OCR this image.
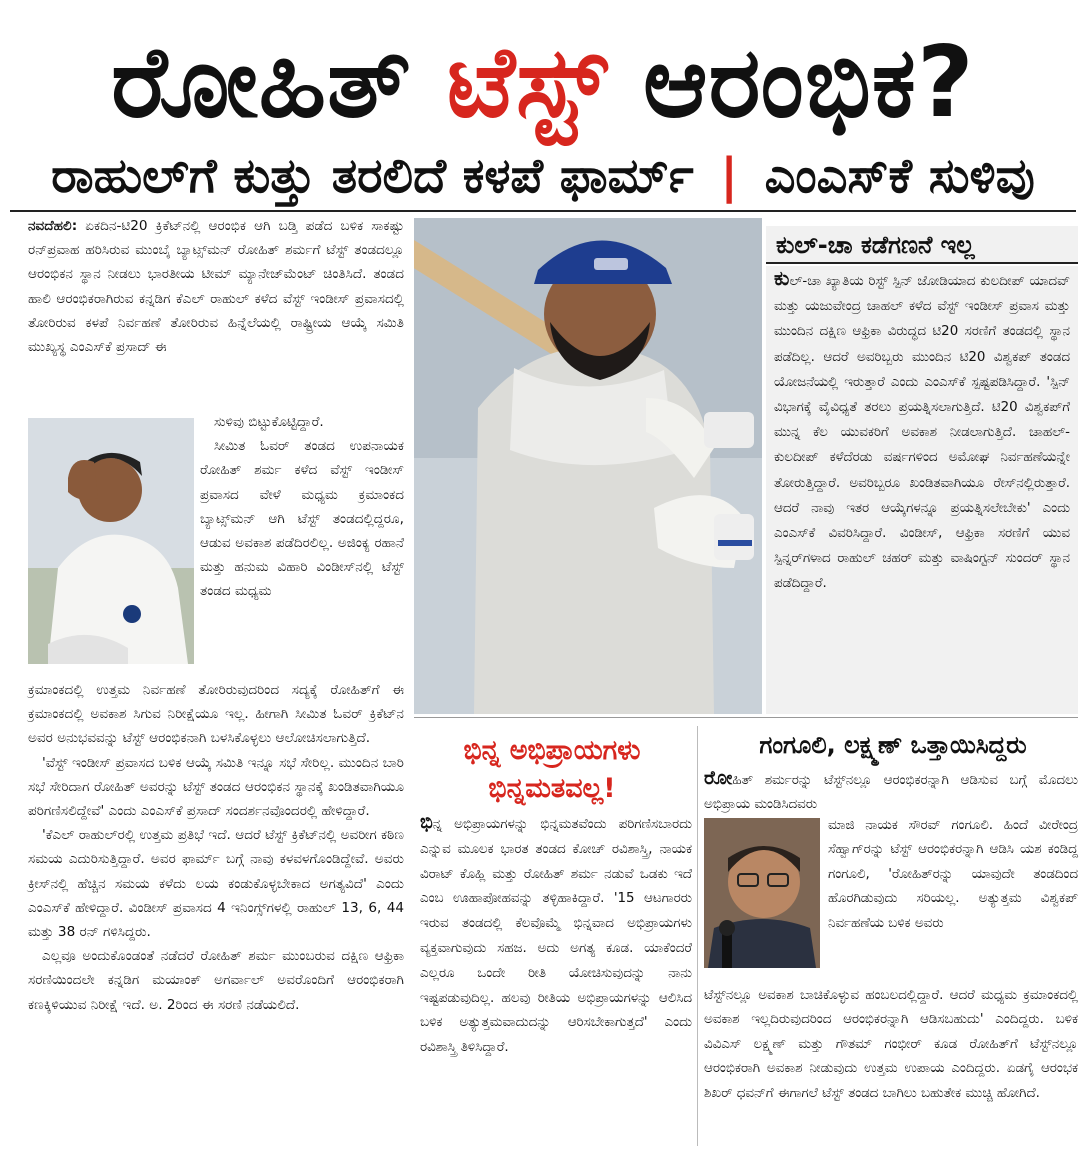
ರೋಹಿತ್ ಟೆಸ್ಟ್ ಆರಂಭಿಕ?
ರಾಹುಲ್‌ಗೆ ಕುತ್ತು ತರಲಿದೆ ಕಳಪೆ ಫಾರ್ಮ್ | ಎಂಎಸ್‌ಕೆ ಸುಳಿವು

ನವದೆಹಲಿ: ಏಕದಿನ-ಟಿ20 ಕ್ರಿಕೆಟ್‌ನಲ್ಲಿ ಆರಂಭಿಕ ಆಗಿ ಬಡ್ತಿ ಪಡೆದ ಬಳಿಕ ಸಾಕಷ್ಟು ರನ್‌ಪ್ರವಾಹ ಹರಿಸಿರುವ ಮುಂಬೈ ಬ್ಯಾಟ್ಸ್‌ಮನ್ ರೋಹಿತ್ ಶರ್ಮಗೆ ಟೆಸ್ಟ್ ತಂಡದಲ್ಲೂ ಆರಂಭಿಕನ ಸ್ಥಾನ ನೀಡಲು ಭಾರತೀಯ ಟೀಮ್ ಮ್ಯಾನೇಜ್‌ಮೆಂಟ್ ಚಿಂತಿಸಿದೆ. ತಂಡದ ಹಾಲಿ ಆರಂಭಿಕರಾಗಿರುವ ಕನ್ನಡಿಗ ಕೆಎಲ್ ರಾಹುಲ್ ಕಳೆದ ವೆಸ್ಟ್ ಇಂಡೀಸ್ ಪ್ರವಾಸದಲ್ಲಿ ತೋರಿರುವ ಕಳಪೆ ನಿರ್ವಹಣೆ ತೋರಿರುವ ಹಿನ್ನೆಲೆಯಲ್ಲಿ ರಾಷ್ಟ್ರೀಯ ಆಯ್ಕೆ ಸಮಿತಿ ಮುಖ್ಯಸ್ಥ ಎಂಎಸ್‌ಕೆ ಪ್ರಸಾದ್ ಈ

ಸುಳಿವು ಬಿಟ್ಟುಕೊಟ್ಟಿದ್ದಾರೆ.

ಸೀಮಿತ ಓವರ್ ತಂಡದ ಉಪನಾಯಕ ರೋಹಿತ್ ಶರ್ಮ ಕಳೆದ ವೆಸ್ಟ್ ಇಂಡೀಸ್ ಪ್ರವಾಸದ ವೇಳೆ ಮಧ್ಯಮ ಕ್ರಮಾಂಕದ ಬ್ಯಾಟ್ಸ್‌ಮನ್ ಆಗಿ ಟೆಸ್ಟ್ ತಂಡದಲ್ಲಿದ್ದರೂ, ಆಡುವ ಅವಕಾಶ ಪಡೆದಿರಲಿಲ್ಲ. ಅಜಿಂಕ್ಯ ರಹಾನೆ ಮತ್ತು ಹನುಮ ವಿಹಾರಿ ವಿಂಡೀಸ್‌ನಲ್ಲಿ ಟೆಸ್ಟ್ ತಂಡದ ಮಧ್ಯಮ

ಕ್ರಮಾಂಕದಲ್ಲಿ ಉತ್ತಮ ನಿರ್ವಹಣೆ ತೋರಿರುವುದರಿಂದ ಸದ್ಯಕ್ಕೆ ರೋಹಿತ್‌ಗೆ ಈ ಕ್ರಮಾಂಕದಲ್ಲಿ ಅವಕಾಶ ಸಿಗುವ ನಿರೀಕ್ಷೆಯೂ ಇಲ್ಲ. ಹೀಗಾಗಿ ಸೀಮಿತ ಓವರ್ ಕ್ರಿಕೆಟ್‌ನ ಅವರ ಅನುಭವವನ್ನು ಟೆಸ್ಟ್ ಆರಂಭಿಕನಾಗಿ ಬಳಸಿಕೊಳ್ಳಲು ಆಲೋಚಿಸಲಾಗುತ್ತಿದೆ.

'ವೆಸ್ಟ್ ಇಂಡೀಸ್ ಪ್ರವಾಸದ ಬಳಿಕ ಆಯ್ಕೆ ಸಮಿತಿ ಇನ್ನೂ ಸಭೆ ಸೇರಿಲ್ಲ. ಮುಂದಿನ ಬಾರಿ ಸಭೆ ಸೇರಿದಾಗ ರೋಹಿತ್ ಅವರನ್ನು ಟೆಸ್ಟ್ ತಂಡದ ಆರಂಭಿಕನ ಸ್ಥಾನಕ್ಕೆ ಖಂಡಿತವಾಗಿಯೂ ಪರಿಗಣಿಸಲಿದ್ದೇವೆ' ಎಂದು ಎಂಎಸ್‌ಕೆ ಪ್ರಸಾದ್ ಸಂದರ್ಶನವೊಂದರಲ್ಲಿ ಹೇಳಿದ್ದಾರೆ.

'ಕೆಎಲ್ ರಾಹುಲ್‌ರಲ್ಲಿ ಉತ್ತಮ ಪ್ರತಿಭೆ ಇದೆ. ಆದರೆ ಟೆಸ್ಟ್ ಕ್ರಿಕೆಟ್‌ನಲ್ಲಿ ಅವರೀಗ ಕಠಿಣ ಸಮಯ ಎದುರಿಸುತ್ತಿದ್ದಾರೆ. ಅವರ ಫಾರ್ಮ್ ಬಗ್ಗೆ ನಾವು ಕಳವಳಗೊಂಡಿದ್ದೇವೆ. ಅವರು ಕ್ರೀಸ್‌ನಲ್ಲಿ ಹೆಚ್ಚಿನ ಸಮಯ ಕಳೆದು ಲಯ ಕಂಡುಕೊಳ್ಳಬೇಕಾದ ಅಗತ್ಯವಿದೆ' ಎಂದು ಎಂಎಸ್‌ಕೆ ಹೇಳಿದ್ದಾರೆ. ವಿಂಡೀಸ್ ಪ್ರವಾಸದ 4 ಇನಿಂಗ್ಸ್‌ಗಳಲ್ಲಿ ರಾಹುಲ್ 13, 6, 44 ಮತ್ತು 38 ರನ್ ಗಳಿಸಿದ್ದರು.

ಎಲ್ಲವೂ ಅಂದುಕೊಂಡಂತೆ ನಡೆದರೆ ರೋಹಿತ್ ಶರ್ಮ ಮುಂಬರುವ ದಕ್ಷಿಣ ಆಫ್ರಿಕಾ ಸರಣಿಯಿಂದಲೇ ಕನ್ನಡಿಗ ಮಯಾಂಕ್ ಅಗರ್ವಾಲ್ ಅವರೊಂದಿಗೆ ಆರಂಭಿಕರಾಗಿ ಕಣಕ್ಕಿಳಿಯುವ ನಿರೀಕ್ಷೆ ಇದೆ. ಅ. 2ರಿಂದ ಈ ಸರಣಿ ನಡೆಯಲಿದೆ.

ಕುಲ್-ಚಾ ಕಡೆಗಣನೆ ಇಲ್ಲ

ಕುಲ್-ಚಾ ಖ್ಯಾತಿಯ ರಿಸ್ಟ್ ಸ್ಪಿನ್ ಜೋಡಿಯಾದ ಕುಲದೀಪ್ ಯಾದವ್ ಮತ್ತು ಯಜುವೇಂದ್ರ ಚಾಹಲ್ ಕಳೆದ ವೆಸ್ಟ್ ಇಂಡೀಸ್ ಪ್ರವಾಸ ಮತ್ತು ಮುಂದಿನ ದಕ್ಷಿಣ ಆಫ್ರಿಕಾ ವಿರುದ್ಧದ ಟಿ20 ಸರಣಿಗೆ ತಂಡದಲ್ಲಿ ಸ್ಥಾನ ಪಡೆದಿಲ್ಲ. ಆದರೆ ಅವರಿಬ್ಬರು ಮುಂದಿನ ಟಿ20 ವಿಶ್ವಕಪ್ ತಂಡದ ಯೋಜನೆಯಲ್ಲಿ ಇರುತ್ತಾರೆ ಎಂದು ಎಂಎಸ್‌ಕೆ ಸ್ಪಷ್ಟಪಡಿಸಿದ್ದಾರೆ. 'ಸ್ಪಿನ್ ವಿಭಾಗಕ್ಕೆ ವೈವಿಧ್ಯತೆ ತರಲು ಪ್ರಯತ್ನಿಸಲಾಗುತ್ತಿದೆ. ಟಿ20 ವಿಶ್ವಕಪ್‌ಗೆ ಮುನ್ನ ಕೆಲ ಯುವಕರಿಗೆ ಅವಕಾಶ ನೀಡಲಾಗುತ್ತಿದೆ. ಚಾಹಲ್-ಕುಲದೀಪ್ ಕಳೆದೆರಡು ವರ್ಷಗಳಿಂದ ಅಮೋಘ ನಿರ್ವಹಣೆಯನ್ನೇ ತೋರುತ್ತಿದ್ದಾರೆ. ಅವರಿಬ್ಬರೂ ಖಂಡಿತವಾಗಿಯೂ ರೇಸ್‌ನಲ್ಲಿರುತ್ತಾರೆ. ಆದರೆ ನಾವು ಇತರ ಆಯ್ಕೆಗಳನ್ನೂ ಪ್ರಯತ್ನಿಸಲೇಬೇಕು' ಎಂದು ಎಂಎಸ್‌ಕೆ ವಿವರಿಸಿದ್ದಾರೆ. ವಿಂಡೀಸ್, ಆಫ್ರಿಕಾ ಸರಣಿಗೆ ಯುವ ಸ್ಪಿನ್ನರ್‌ಗಳಾದ ರಾಹುಲ್ ಚಹರ್ ಮತ್ತು ವಾಷಿಂಗ್ಟನ್ ಸುಂದರ್ ಸ್ಥಾನ ಪಡೆದಿದ್ದಾರೆ.

ಭಿನ್ನ ಅಭಿಪ್ರಾಯಗಳು
ಭಿನ್ನಮತವಲ್ಲ!

ಭಿನ್ನ ಅಭಿಪ್ರಾಯಗಳನ್ನು ಭಿನ್ನಮತವೆಂದು ಪರಿಗಣಿಸಬಾರದು ಎನ್ನುವ ಮೂಲಕ ಭಾರತ ತಂಡದ ಕೋಚ್ ರವಿಶಾಸ್ತ್ರಿ, ನಾಯಕ ವಿರಾಟ್ ಕೊಹ್ಲಿ ಮತ್ತು ರೋಹಿತ್ ಶರ್ಮ ನಡುವೆ ಒಡಕು ಇದೆ ಎಂಬ ಊಹಾಪೋಹವನ್ನು ತಳ್ಳಿಹಾಕಿದ್ದಾರೆ. '15 ಆಟಗಾರರು ಇರುವ ತಂಡದಲ್ಲಿ ಕೆಲವೊಮ್ಮೆ ಭಿನ್ನವಾದ ಅಭಿಪ್ರಾಯಗಳು ವ್ಯಕ್ತವಾಗುವುದು ಸಹಜ. ಅದು ಅಗತ್ಯ ಕೂಡ. ಯಾಕೆಂದರೆ ಎಲ್ಲರೂ ಒಂದೇ ರೀತಿ ಯೋಚಿಸುವುದನ್ನು ನಾನು ಇಷ್ಟಪಡುವುದಿಲ್ಲ. ಹಲವು ರೀತಿಯ ಅಭಿಪ್ರಾಯಗಳನ್ನು ಆಲಿಸಿದ ಬಳಿಕ ಅತ್ಯುತ್ತಮವಾದುದನ್ನು ಆರಿಸಬೇಕಾಗುತ್ತದೆ' ಎಂದು ರವಿಶಾಸ್ತ್ರಿ ತಿಳಿಸಿದ್ದಾರೆ.

ಗಂಗೂಲಿ, ಲಕ್ಷ್ಮಣ್ ಒತ್ತಾಯಿಸಿದ್ದರು

ರೋಹಿತ್ ಶರ್ಮರನ್ನು ಟೆಸ್ಟ್‌ನಲ್ಲೂ ಆರಂಭಿಕರನ್ನಾಗಿ ಆಡಿಸುವ ಬಗ್ಗೆ ಮೊದಲು ಅಭಿಪ್ರಾಯ ಮಂಡಿಸಿದವರು

ಮಾಜಿ ನಾಯಕ ಸೌರವ್ ಗಂಗೂಲಿ. ಹಿಂದೆ ವೀರೇಂದ್ರ ಸೆಹ್ವಾಗ್‌ರನ್ನು ಟೆಸ್ಟ್ ಆರಂಭಿಕರನ್ನಾಗಿ ಆಡಿಸಿ ಯಶ ಕಂಡಿದ್ದ ಗಂಗೂಲಿ, 'ರೋಹಿತ್‌ರನ್ನು ಯಾವುದೇ ತಂಡದಿಂದ ಹೊರಗಿಡುವುದು ಸರಿಯಲ್ಲ. ಅತ್ಯುತ್ತಮ ವಿಶ್ವಕಪ್ ನಿರ್ವಹಣೆಯ ಬಳಿಕ ಅವರು

ಟೆಸ್ಟ್‌ನಲ್ಲೂ ಅವಕಾಶ ಬಾಚಿಕೊಳ್ಳುವ ಹಂಬಲದಲ್ಲಿದ್ದಾರೆ. ಆದರೆ ಮಧ್ಯಮ ಕ್ರಮಾಂಕದಲ್ಲಿ ಅವಕಾಶ ಇಲ್ಲದಿರುವುದರಿಂದ ಆರಂಭಿಕರನ್ನಾಗಿ ಆಡಿಸಬಹುದು' ಎಂದಿದ್ದರು. ಬಳಿಕ ವಿವಿಎಸ್ ಲಕ್ಷ್ಮಣ್ ಮತ್ತು ಗೌತಮ್ ಗಂಭೀರ್ ಕೂಡ ರೋಹಿತ್‌ಗೆ ಟೆಸ್ಟ್‌ನಲ್ಲೂ ಆರಂಭಿಕರಾಗಿ ಅವಕಾಶ ನೀಡುವುದು ಉತ್ತಮ ಉಪಾಯ ಎಂದಿದ್ದರು. ಏಡಗೈ ಆರಂಭಕ ಶಿಖರ್ ಧವನ್‌ಗೆ ಈಗಾಗಲೆ ಟೆಸ್ಟ್ ತಂಡದ ಬಾಗಿಲು ಬಹುತೇಕ ಮುಚ್ಚಿ ಹೋಗಿದೆ.
